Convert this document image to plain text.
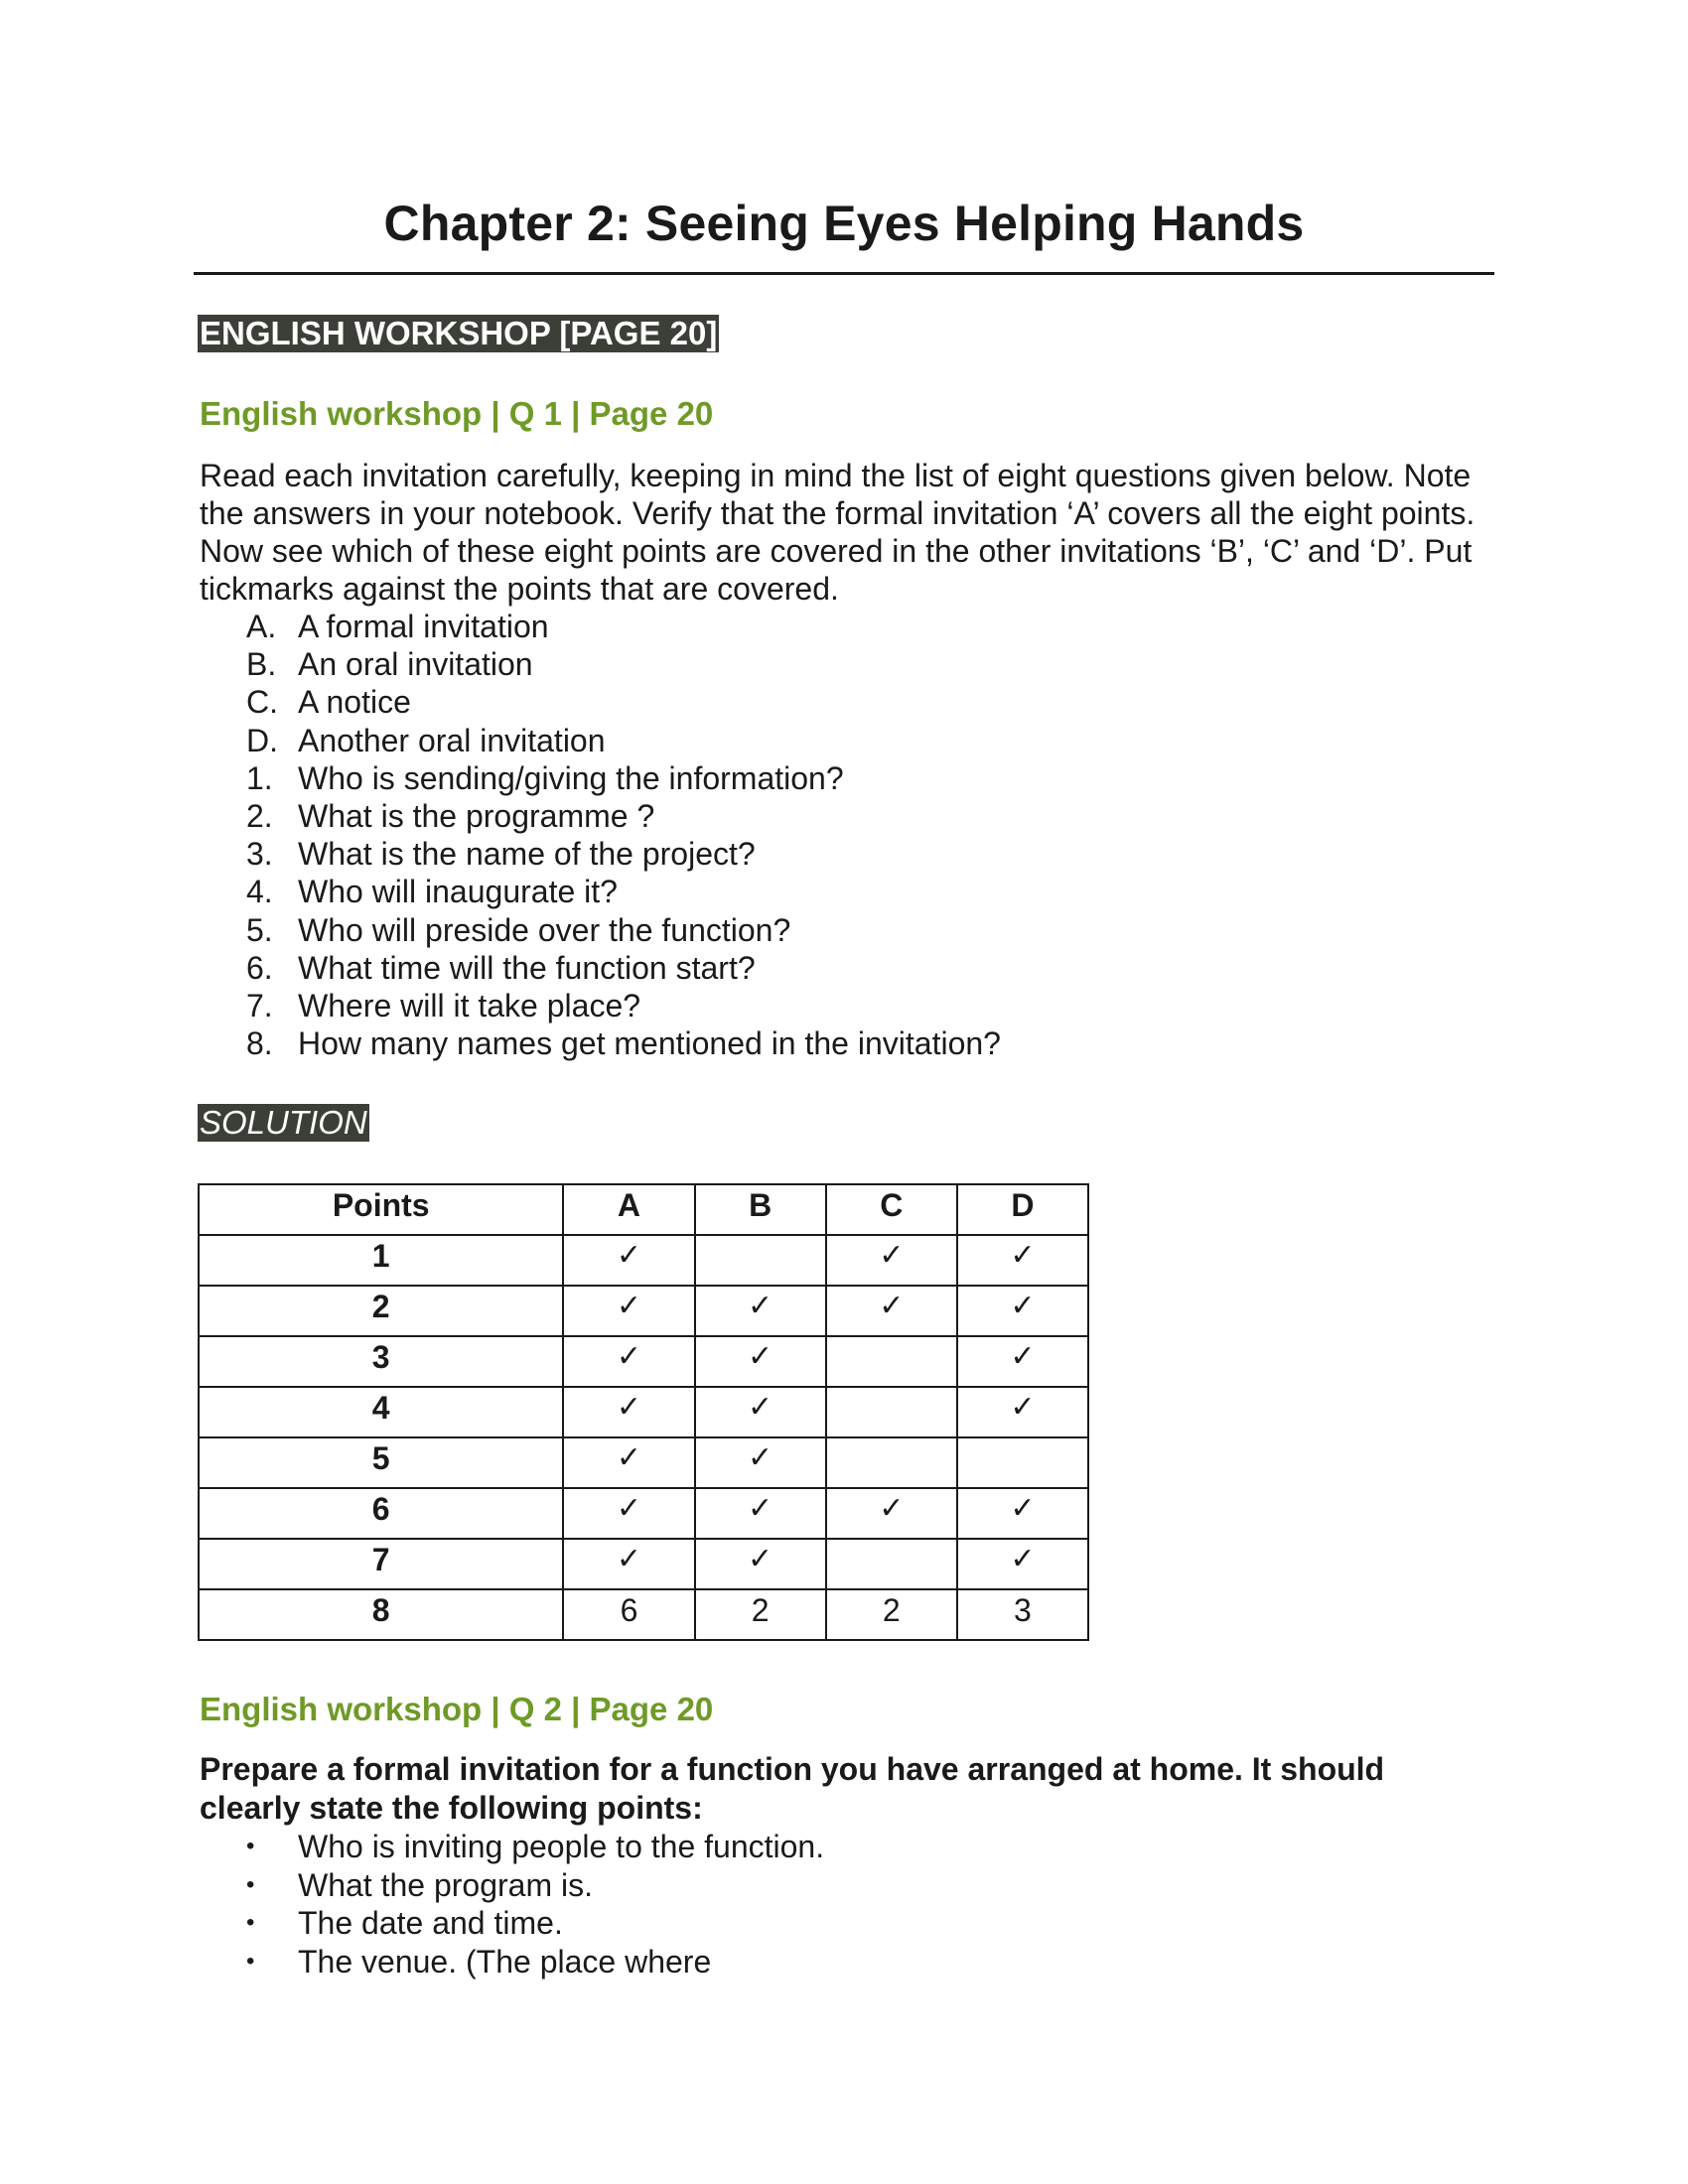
Chapter 2: Seeing Eyes Helping Hands
ENGLISH WORKSHOP [PAGE 20]
English workshop | Q 1 | Page 20

Read each invitation carefully, keeping in mind the list of eight questions given below. Note the answers in your notebook. Verify that the formal invitation ‘A’ covers all the eight points. Now see which of these eight points are covered in the other invitations ‘B’, ‘C’ and ‘D’. Put tickmarks against the points that are covered.

A. A formal invitation
B. An oral invitation
C. A notice
D. Another oral invitation
1. Who is sending/giving the information?
2. What is the programme ?
3. What is the name of the project?
4. Who will inaugurate it?
5. Who will preside over the function?
6. What time will the function start?
7. Where will it take place?
8. How many names get mentioned in the invitation?
SOLUTION
Points	A	B	C	D
1	✓		✓	✓
2	✓	✓	✓	✓
3	✓	✓		✓
4	✓	✓		✓
5	✓	✓		
6	✓	✓	✓	✓
7	✓	✓		✓
8	6	2	2	3
English workshop | Q 2 | Page 20

Prepare a formal invitation for a function you have arranged at home. It should clearly state the following points:

•	Who is inviting people to the function.
•	What the program is.
•	The date and time.
•	The venue. (The place where
